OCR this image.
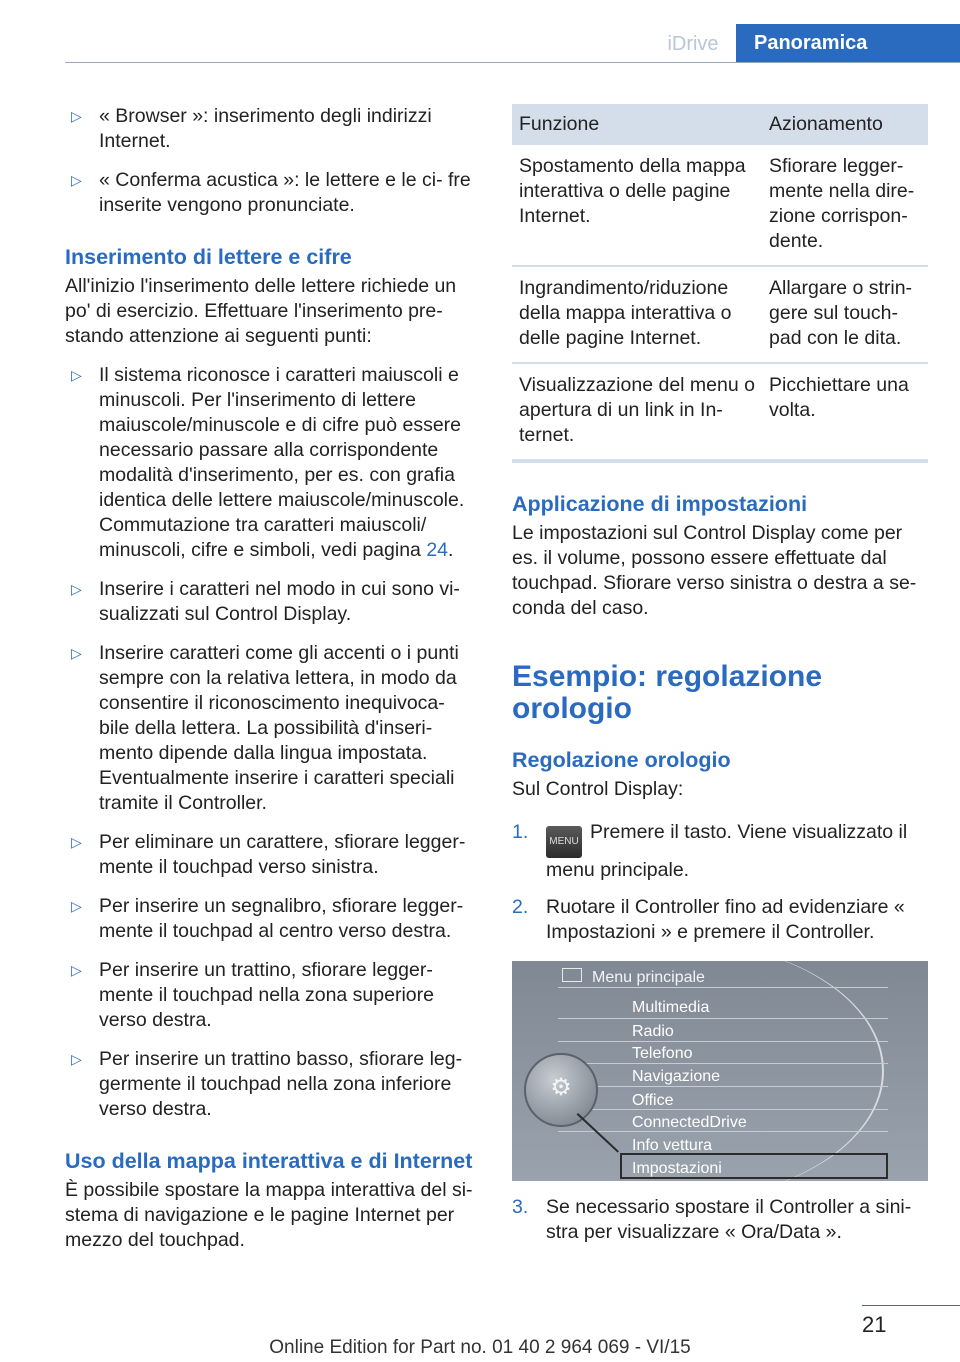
iDrive	Panoramica
▷ « Browser »: inserimento degli indirizzi Internet.
▷ « Conferma acustica »: le lettere e le ci‐ fre inserite vengono pronunciate.
Inserimento di lettere e cifre
All'inizio l'inserimento delle lettere richiede un po' di esercizio. Effettuare l'inserimento pre‐ stando attenzione ai seguenti punti:
▷ Il sistema riconosce i caratteri maiuscoli e minuscoli. Per l'inserimento di lettere maiuscole/minuscole e di cifre può essere necessario passare alla corrispondente modalità d'inserimento, per es. con grafia identica delle lettere maiuscole/minuscole. Commutazione tra caratteri maiuscoli/ minuscoli, cifre e simboli, vedi pagina 24.
▷ Inserire i caratteri nel modo in cui sono vi‐ sualizzati sul Control Display.
▷ Inserire caratteri come gli accenti o i punti sempre con la relativa lettera, in modo da consentire il riconoscimento inequivoca‐ bile della lettera. La possibilità d'inseri‐ mento dipende dalla lingua impostata. Eventualmente inserire i caratteri speciali tramite il Controller.
▷ Per eliminare un carattere, sfiorare legger‐ mente il touchpad verso sinistra.
▷ Per inserire un segnalibro, sfiorare legger‐ mente il touchpad al centro verso destra.
▷ Per inserire un trattino, sfiorare legger‐ mente il touchpad nella zona superiore verso destra.
▷ Per inserire un trattino basso, sfiorare leg‐ germente il touchpad nella zona inferiore verso destra.
Uso della mappa interattiva e di Internet
È possibile spostare la mappa interattiva del si‐ stema di navigazione e le pagine Internet per mezzo del touchpad.
Funzione	Azionamento
Spostamento della mappa interattiva o delle pagine Internet.	Sfiorare legger‐ mente nella dire‐ zione corrispon‐ dente.
Ingrandimento/riduzione della mappa interattiva o delle pagine Internet.	Allargare o strin‐ gere sul touch‐ pad con le dita.
Visualizzazione del menu o apertura di un link in In‐ ternet.	Picchiettare una volta.
Applicazione di impostazioni
Le impostazioni sul Control Display come per es. il volume, possono essere effettuate dal touchpad. Sfiorare verso sinistra o destra a se‐ conda del caso.
Esempio: regolazione orologio
Regolazione orologio
Sul Control Display:
1. MENU Premere il tasto. Viene visualizzato il menu principale.
2. Ruotare il Controller fino ad evidenziare « Impostazioni » e premere il Controller.
Menu principale
Multimedia
Radio
Telefono
Navigazione
Office
ConnectedDrive
Info vettura
⚙
Impostazioni
3. Se necessario spostare il Controller a sini‐ stra per visualizzare « Ora/Data ».
21
Online Edition for Part no. 01 40 2 964 069 - VI/15
